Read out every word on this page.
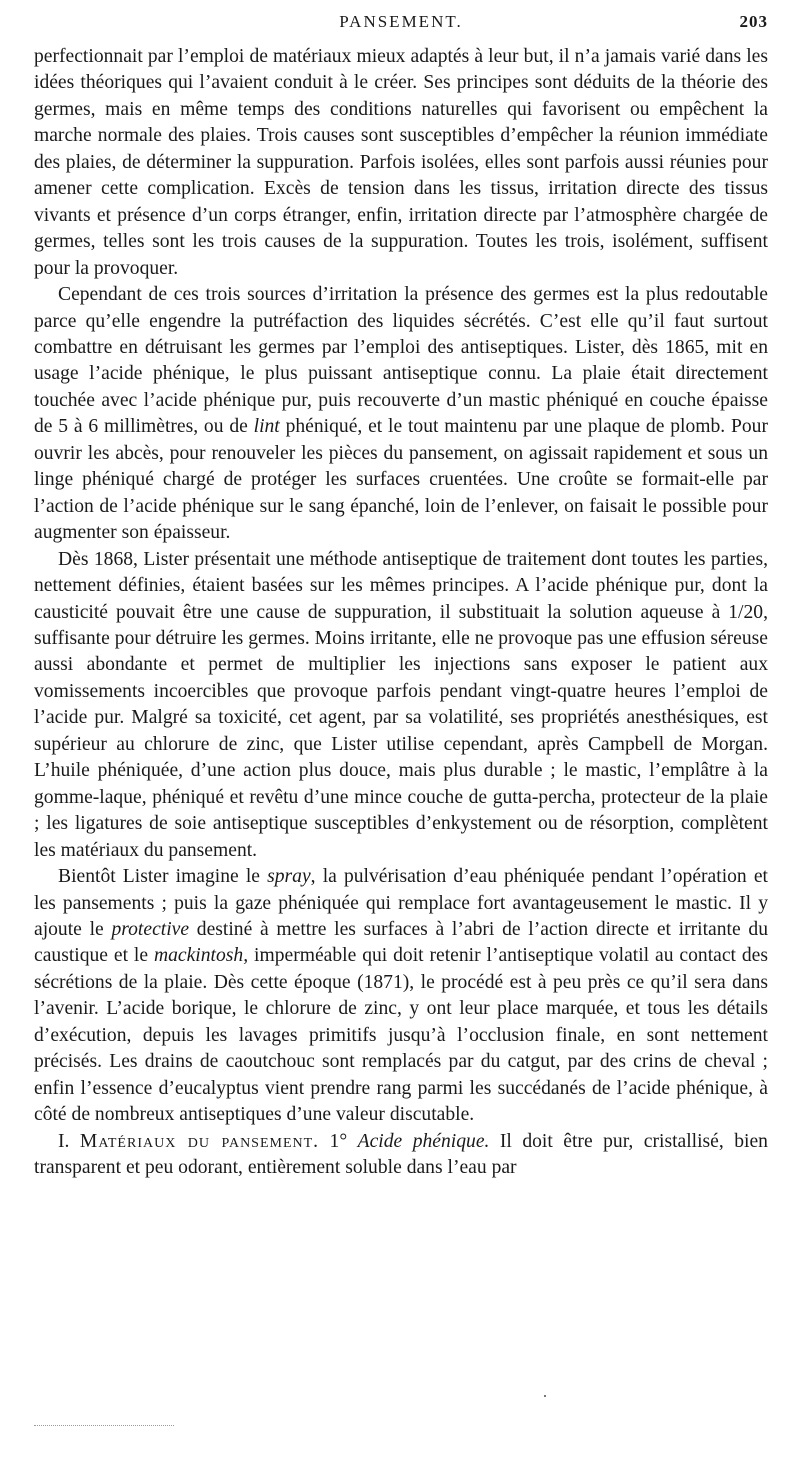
PANSEMENT.	203

perfectionnait par l’emploi de matériaux mieux adaptés à leur but, il n’a jamais varié dans les idées théoriques qui l’avaient conduit à le créer. Ses principes sont déduits de la théorie des germes, mais en même temps des conditions naturelles qui favorisent ou empêchent la marche normale des plaies. Trois causes sont susceptibles d’empêcher la réunion immédiate des plaies, de déterminer la suppuration. Parfois isolées, elles sont parfois aussi réunies pour amener cette complication. Excès de tension dans les tissus, irritation directe des tissus vivants et présence d’un corps étranger, enfin, irritation directe par l’atmosphère chargée de germes, telles sont les trois causes de la suppuration. Toutes les trois, isolément, suffisent pour la provoquer.

Cependant de ces trois sources d’irritation la présence des germes est la plus redoutable parce qu’elle engendre la putréfaction des liquides sécrétés. C’est elle qu’il faut surtout combattre en détruisant les germes par l’emploi des antiseptiques. Lister, dès 1865, mit en usage l’acide phénique, le plus puissant antiseptique connu. La plaie était directement touchée avec l’acide phénique pur, puis recouverte d’un mastic phéniqué en couche épaisse de 5 à 6 millimètres, ou de lint phéniqué, et le tout maintenu par une plaque de plomb. Pour ouvrir les abcès, pour renouveler les pièces du pansement, on agissait rapidement et sous un linge phéniqué chargé de protéger les surfaces cruentées. Une croûte se formait-elle par l’action de l’acide phénique sur le sang épanché, loin de l’enlever, on faisait le possible pour augmenter son épaisseur.

Dès 1868, Lister présentait une méthode antiseptique de traitement dont toutes les parties, nettement définies, étaient basées sur les mêmes principes. A l’acide phénique pur, dont la causticité pouvait être une cause de suppuration, il substituait la solution aqueuse à 1/20, suffisante pour détruire les germes. Moins irritante, elle ne provoque pas une effusion séreuse aussi abondante et permet de multiplier les injections sans exposer le patient aux vomissements incoercibles que provoque parfois pendant vingt-quatre heures l’emploi de l’acide pur. Malgré sa toxicité, cet agent, par sa volatilité, ses propriétés anesthésiques, est supérieur au chlorure de zinc, que Lister utilise cependant, après Campbell de Morgan. L’huile phéniquée, d’une action plus douce, mais plus durable ; le mastic, l’emplâtre à la gomme-laque, phéniqué et revêtu d’une mince couche de gutta-percha, protecteur de la plaie ; les ligatures de soie antiseptique susceptibles d’enkystement ou de résorption, complètent les matériaux du pansement.

Bientôt Lister imagine le spray, la pulvérisation d’eau phéniquée pendant l’opération et les pansements ; puis la gaze phéniquée qui remplace fort avantageusement le mastic. Il y ajoute le protective destiné à mettre les surfaces à l’abri de l’action directe et irritante du caustique et le mackintosh, imperméable qui doit retenir l’antiseptique volatil au contact des sécrétions de la plaie. Dès cette époque (1871), le procédé est à peu près ce qu’il sera dans l’avenir. L’acide borique, le chlorure de zinc, y ont leur place marquée, et tous les détails d’exécution, depuis les lavages primitifs jusqu’à l’occlusion finale, en sont nettement précisés. Les drains de caoutchouc sont remplacés par du catgut, par des crins de cheval ; enfin l’essence d’eucalyptus vient prendre rang parmi les succédanés de l’acide phénique, à côté de nombreux antiseptiques d’une valeur discutable.

I. Matériaux du pansement. 1° Acide phénique. Il doit être pur, cristallisé, bien transparent et peu odorant, entièrement soluble dans l’eau par
